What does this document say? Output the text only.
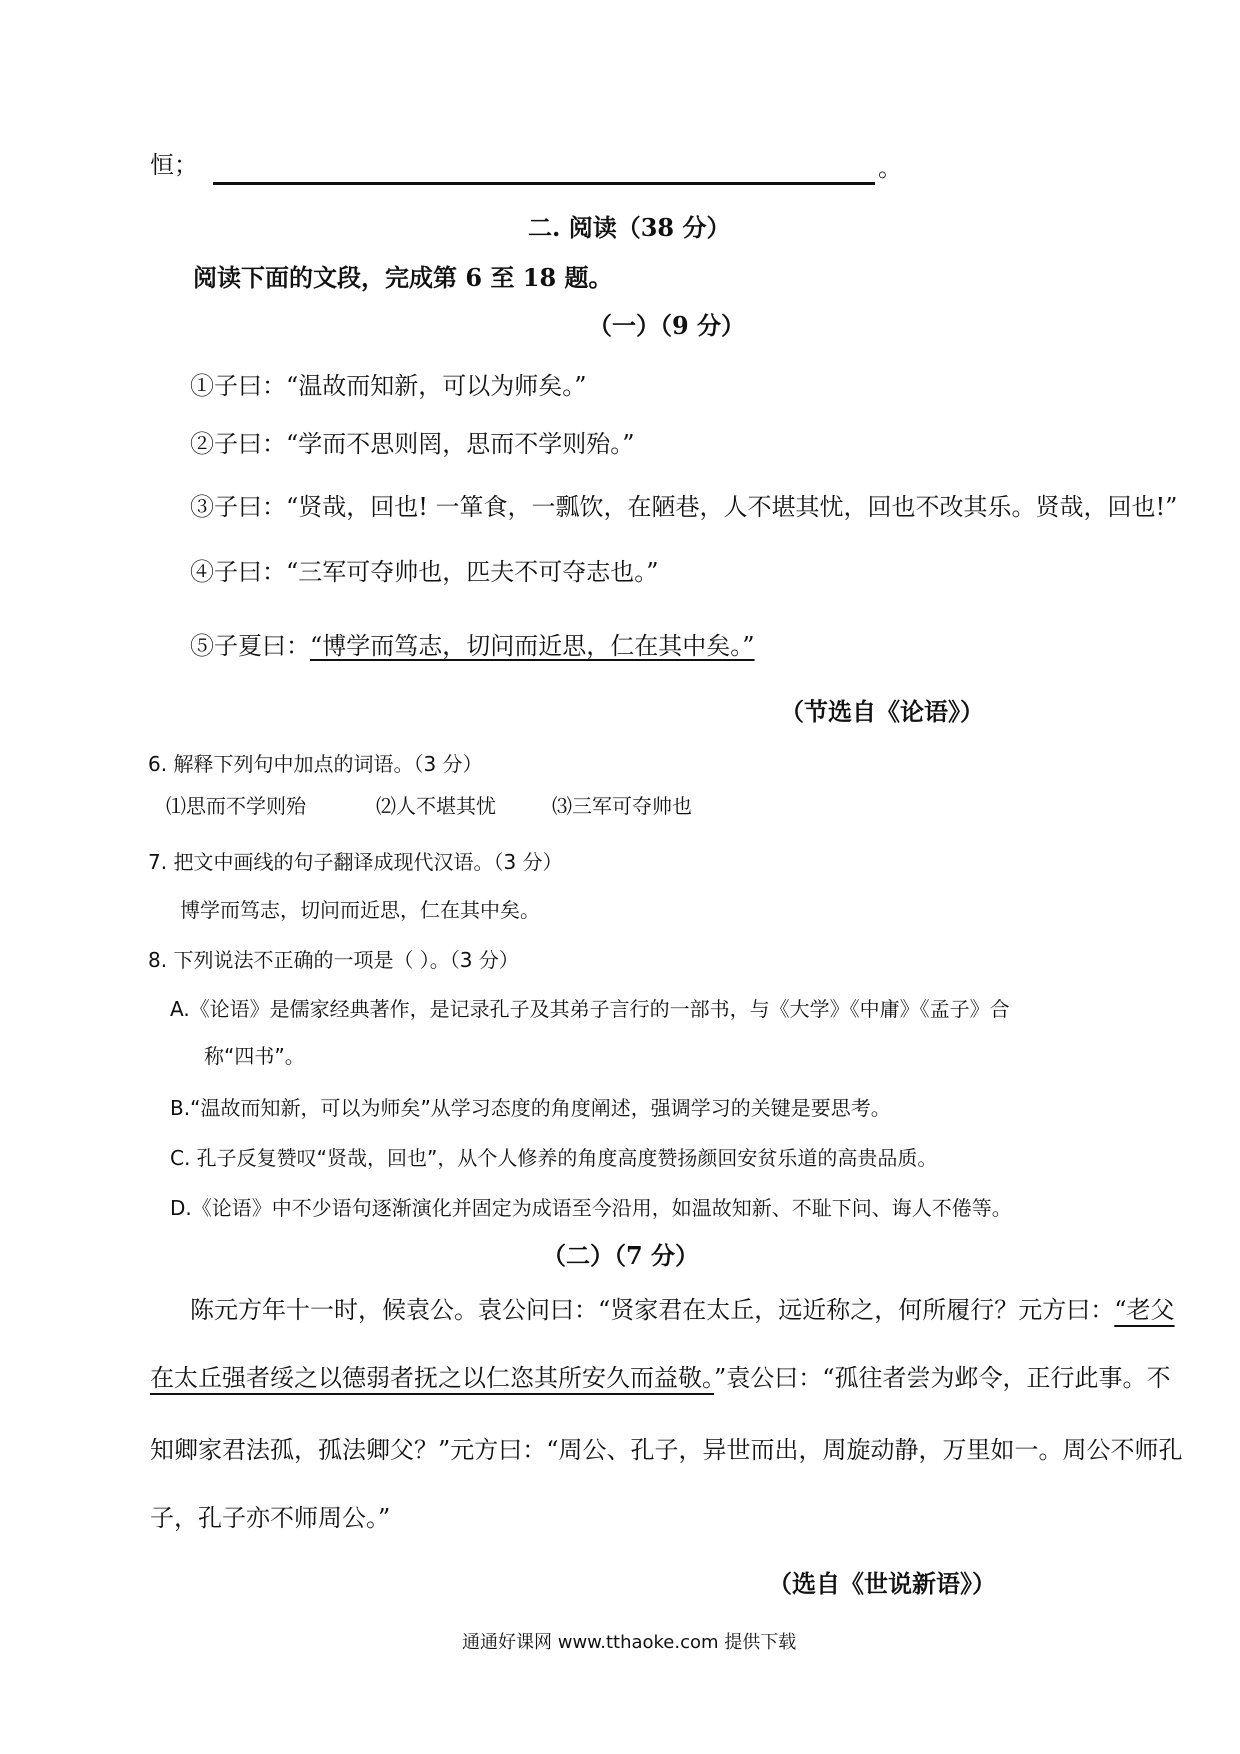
恒；	。
二. 阅读（38 分）
阅读下面的文段，完成第 6 至 18 题。
（一）（9 分）
①子曰：“温故而知新，可以为师矣。”
②子曰：“学而不思则罔，思而不学则殆。”
③子曰：“贤哉，回也! 一箪食，一瓢饮，在陋巷，人不堪其忧，回也不改其乐。贤哉，回也!”
④子曰：“三军可夺帅也，匹夫不可夺志也。”
⑤子夏曰：“博学而笃志，切问而近思，仁在其中矣。”
（节选自《论语》）
6. 解释下列句中加点的词语。（3 分）
⑴思而不学则殆	⑵人不堪其忧	⑶三军可夺帅也
7. 把文中画线的句子翻译成现代汉语。（3 分）
博学而笃志，切问而近思，仁在其中矣。
8. 下列说法不正确的一项是（ ）。（3 分）
A.《论语》是儒家经典著作，是记录孔子及其弟子言行的一部书，与《大学》《中庸》《孟子》合
称“四书”。
B.“温故而知新，可以为师矣”从学习态度的角度阐述，强调学习的关键是要思考。
C. 孔子反复赞叹“贤哉，回也”，从个人修养的角度高度赞扬颜回安贫乐道的高贵品质。
D.《论语》中不少语句逐渐演化并固定为成语至今沿用，如温故知新、不耻下问、诲人不倦等。
（二）（7 分）
陈元方年十一时，候袁公。袁公问曰：“贤家君在太丘，远近称之，何所履行？元方曰：“老父
在太丘强者绥之以德弱者抚之以仁恣其所安久而益敬。”袁公曰：“孤往者尝为邺令，正行此事。不
知卿家君法孤，孤法卿父？”元方曰：“周公、孔子，异世而出，周旋动静，万里如一。周公不师孔
子，孔子亦不师周公。”
（选自《世说新语》）
通通好课网 www.tthaoke.com 提供下载
